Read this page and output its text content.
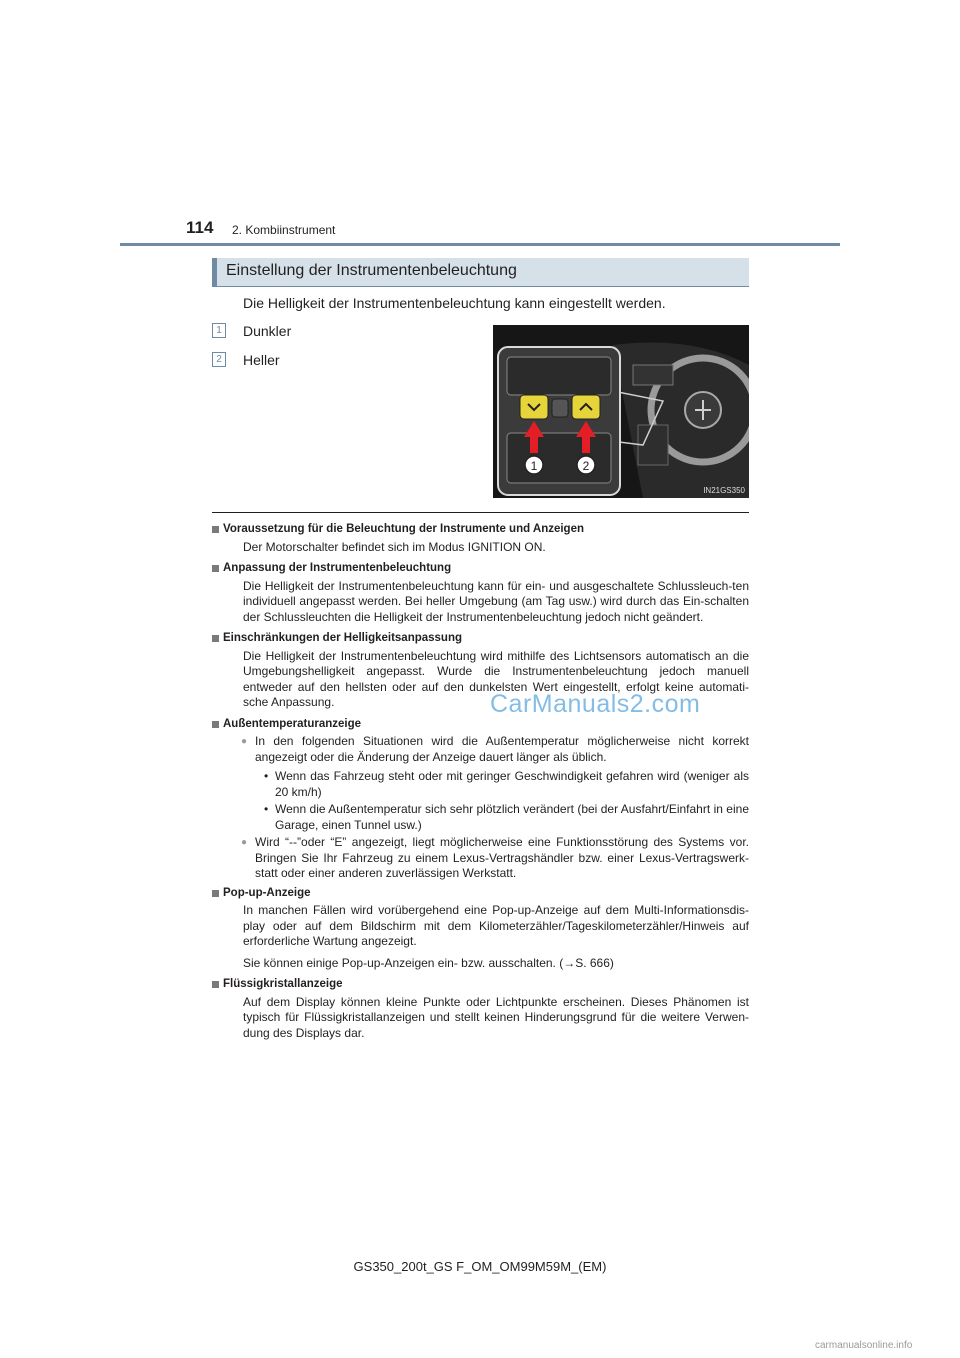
114 2. Kombiinstrument
Einstellung der Instrumentenbeleuchtung
Die Helligkeit der Instrumentenbeleuchtung kann eingestellt werden.
1	Dunkler
2	Heller
1	2
IN21GS350
Voraussetzung für die Beleuchtung der Instrumente und Anzeigen
Der Motorschalter befindet sich im Modus IGNITION ON.
Anpassung der Instrumentenbeleuchtung
Die Helligkeit der Instrumentenbeleuchtung kann für ein- und ausgeschaltete Schlussleuch-ten individuell angepasst werden. Bei heller Umgebung (am Tag usw.) wird durch das Ein-schalten der Schlussleuchten die Helligkeit der Instrumentenbeleuchtung jedoch nicht geändert.
Einschränkungen der Helligkeitsanpassung
Die Helligkeit der Instrumentenbeleuchtung wird mithilfe des Lichtsensors automatisch an die Umgebungshelligkeit angepasst. Wurde die Instrumentenbeleuchtung jedoch manuell entweder auf den hellsten oder auf den dunkelsten Wert eingestellt, erfolgt keine automati-sche Anpassung.
Außentemperaturanzeige
● In den folgenden Situationen wird die Außentemperatur möglicherweise nicht korrekt angezeigt oder die Änderung der Anzeige dauert länger als üblich.
• Wenn das Fahrzeug steht oder mit geringer Geschwindigkeit gefahren wird (weniger als 20 km/h)
• Wenn die Außentemperatur sich sehr plötzlich verändert (bei der Ausfahrt/Einfahrt in eine Garage, einen Tunnel usw.)
● Wird “--”oder “E” angezeigt, liegt möglicherweise eine Funktionsstörung des Systems vor. Bringen Sie Ihr Fahrzeug zu einem Lexus-Vertragshändler bzw. einer Lexus-Vertragswerk-statt oder einer anderen zuverlässigen Werkstatt.
Pop-up-Anzeige
In manchen Fällen wird vorübergehend eine Pop-up-Anzeige auf dem Multi-Informationsdis-play oder auf dem Bildschirm mit dem Kilometerzähler/Tageskilometerzähler/Hinweis auf erforderliche Wartung angezeigt.
Sie können einige Pop-up-Anzeigen ein- bzw. ausschalten. (→S. 666)
Flüssigkristallanzeige
Auf dem Display können kleine Punkte oder Lichtpunkte erscheinen. Dieses Phänomen ist typisch für Flüssigkristallanzeigen und stellt keinen Hinderungsgrund für die weitere Verwen-dung des Displays dar.
CarManuals2.com
GS350_200t_GS F_OM_OM99M59M_(EM)
carmanualsonline.info
